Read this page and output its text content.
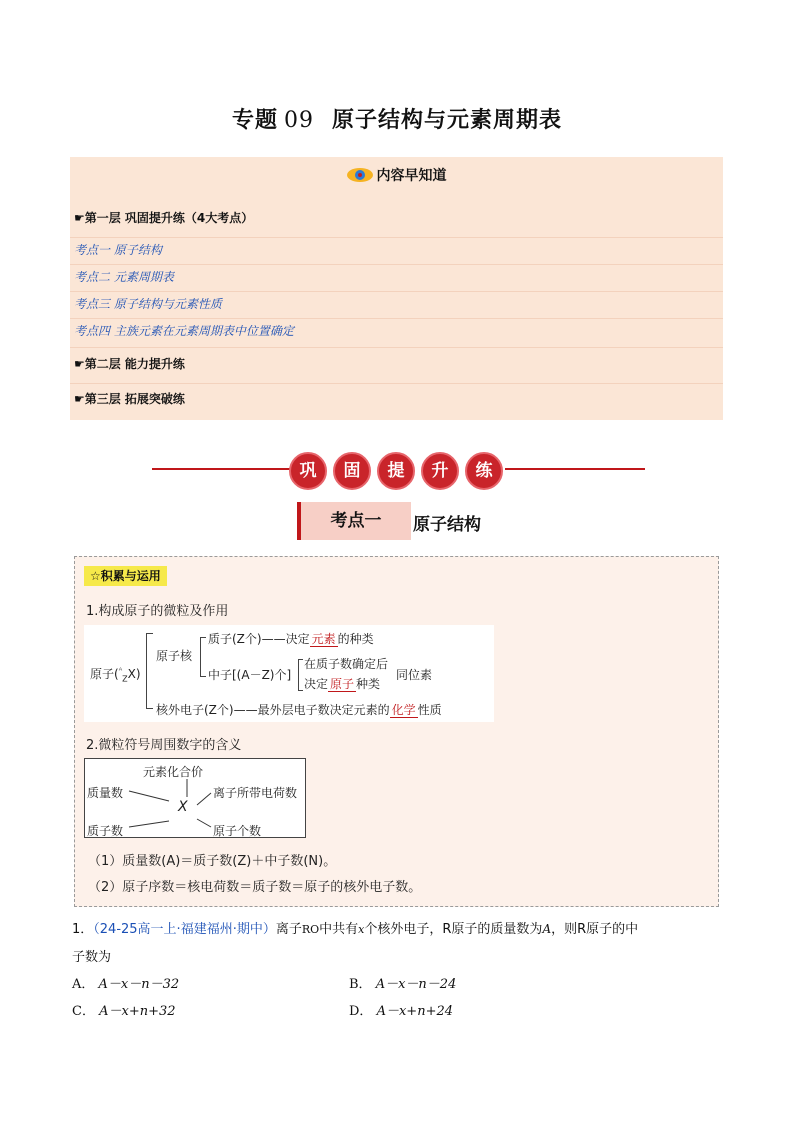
专题 09 原子结构与元素周期表
内容早知道
☛第一层 巩固提升练（4大考点）
考点一 原子结构
考点二 元素周期表
考点三 原子结构与元素性质
考点四 主族元素在元素周期表中位置确定
☛第二层 能力提升练
☛第三层 拓展突破练
巩	固	提	升	练
考点一	原子结构
☆积累与运用
1.构成原子的微粒及作用
原子($^ᴬ_Z$X)
原子核
质子(Z个)——决定 元素 的种类
中子[(A－Z)个]
在质子数确定后
决定 原子 种类
同位素
核外电子(Z个)——最外层电子数决定元素的 化学 性质
2.微粒符号周围数字的含义
元素化合价
质量数
质子数
离子所带电荷数
原子个数
X
（1）质量数(A)＝质子数(Z)＋中子数(N)。
（2）原子序数＝核电荷数＝质子数＝原子的核外电子数。
1．（24-25高一上·福建福州·期中）离子RO中共有x个核外电子，R原子的质量数为A，则R原子的中
子数为
A． A－x－n－32	B． A－x－n－24
C． A－x+n+32	D． A－x+n+24
